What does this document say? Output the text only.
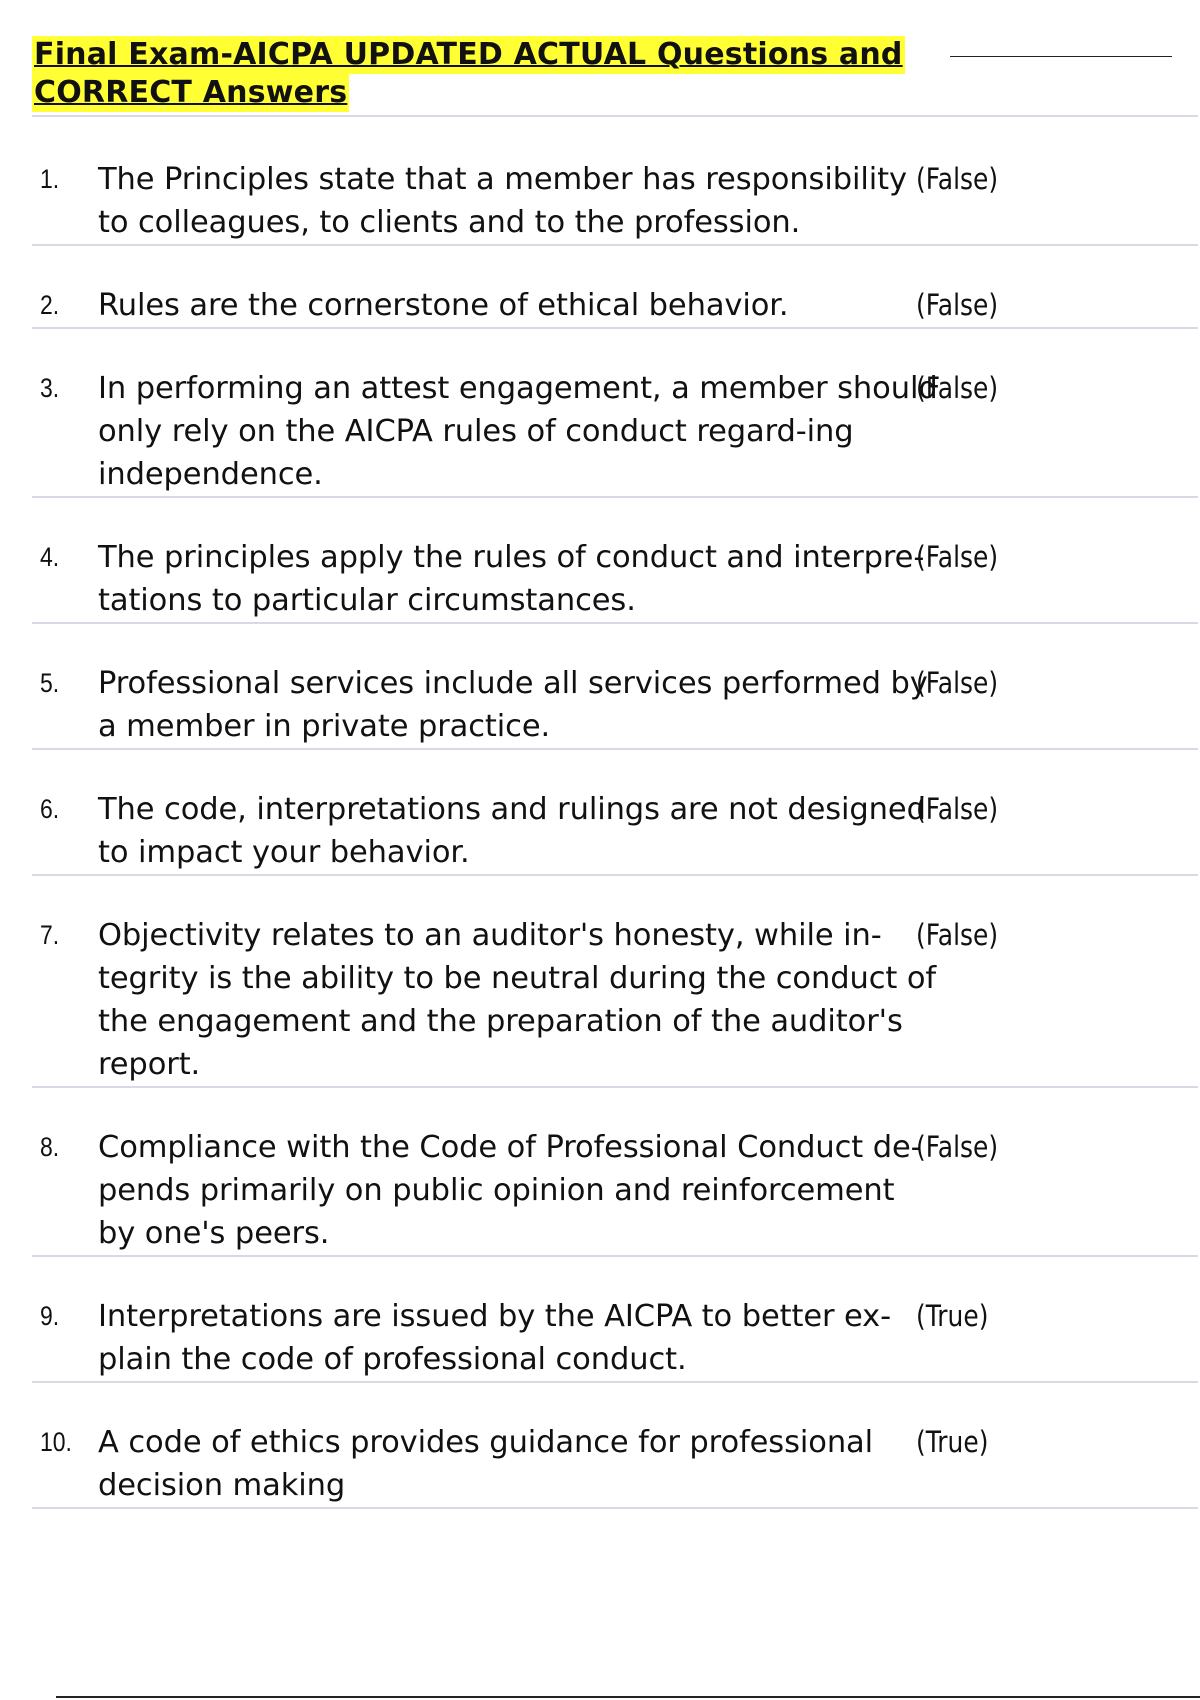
Final Exam-AICPA UPDATED ACTUAL Questions and
CORRECT Answers
1.	(False)
The Principles state that a member has responsibility to colleagues, to clients and to the profession.
2.	(False)
Rules are the cornerstone of ethical behavior.
3.	(False)
In performing an attest engagement, a member should only rely on the AICPA rules of conduct regard-ing independence.
4.	(False)
The principles apply the rules of conduct and interpre-tations to particular circumstances.
5.	(False)
Professional services include all services performed by a member in private practice.
6.	(False)
The code, interpretations and rulings are not designed to impact your behavior.
7.	(False)
Objectivity relates to an auditor's honesty, while in-tegrity is the ability to be neutral during the conduct of the engagement and the preparation of the auditor's report.
8.	(False)
Compliance with the Code of Professional Conduct de-pends primarily on public opinion and reinforcement by one's peers.
9.	(True)
Interpretations are issued by the AICPA to better ex-plain the code of professional conduct.
10.	(True)
A code of ethics provides guidance for professional decision making
